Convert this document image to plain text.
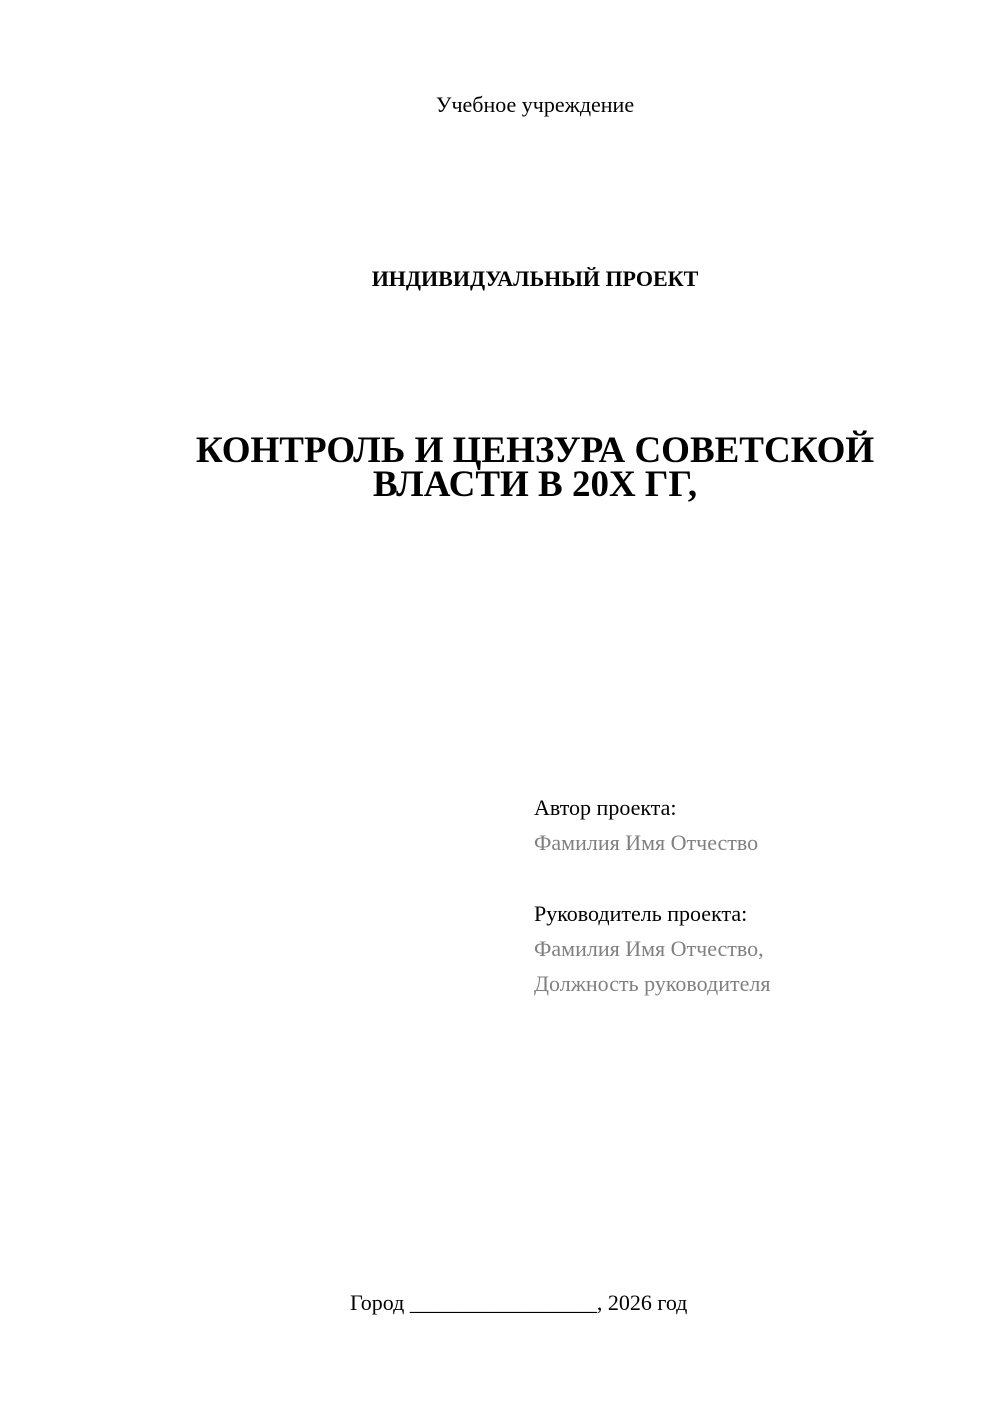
Учебное учреждение
ИНДИВИДУАЛЬНЫЙ ПРОЕКТ
КОНТРОЛЬ И ЦЕНЗУРА СОВЕТСКОЙ
ВЛАСТИ В 20Х ГГ,
Автор проекта:
Фамилия Имя Отчество
Руководитель проекта:
Фамилия Имя Отчество,
Должность руководителя
Город _________________, 2026 год
